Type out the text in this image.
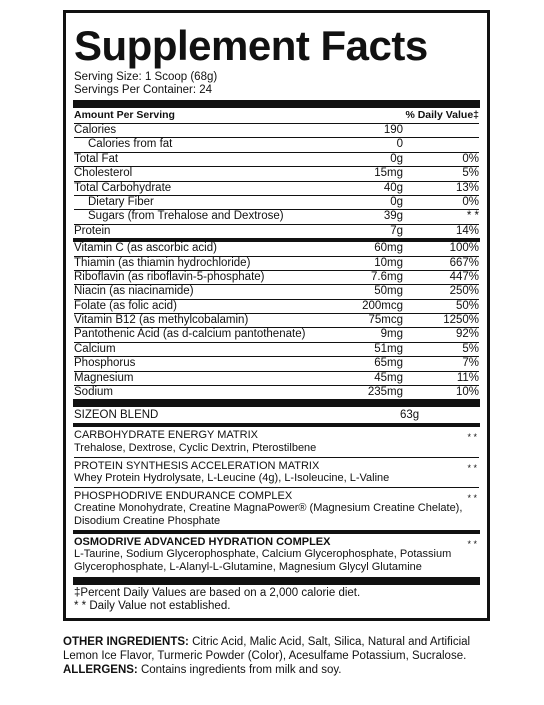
Supplement Facts
Serving Size: 1 Scoop (68g)
Servings Per Container: 24
Amount Per Serving	% Daily Value‡
Calories	190
Calories from fat	0
Total Fat	0g	0%
Cholesterol	15mg	5%
Total Carbohydrate	40g	13%
Dietary Fiber	0g	0%
Sugars (from Trehalose and Dextrose)	39g	* *
Protein	7g	14%
Vitamin C (as ascorbic acid)	60mg	100%
Thiamin (as thiamin hydrochloride)	10mg	667%
Riboflavin (as riboflavin-5-phosphate)	7.6mg	447%
Niacin (as niacinamide)	50mg	250%
Folate (as folic acid)	200mcg	50%
Vitamin B12 (as methylcobalamin)	75mcg	1250%
Pantothenic Acid (as d-calcium pantothenate)	9mg	92%
Calcium	51mg	5%
Phosphorus	65mg	7%
Magnesium	45mg	11%
Sodium	235mg	10%
SIZEON BLEND	63g
CARBOHYDRATE ENERGY MATRIX
Trehalose, Dextrose, Cyclic Dextrin, Pterostilbene
* *
PROTEIN SYNTHESIS ACCELERATION MATRIX
Whey Protein Hydrolysate, L-Leucine (4g), L-Isoleucine, L-Valine
* *
PHOSPHODRIVE ENDURANCE COMPLEX
Creatine Monohydrate, Creatine MagnaPower® (Magnesium Creatine Chelate), Disodium Creatine Phosphate
* *
OSMODRIVE ADVANCED HYDRATION COMPLEX
L-Taurine, Sodium Glycerophosphate, Calcium Glycerophosphate, Potassium Glycerophosphate, L-Alanyl-L-Glutamine, Magnesium Glycyl Glutamine
* *
‡Percent Daily Values are based on a 2,000 calorie diet.
* * Daily Value not established.
OTHER INGREDIENTS: Citric Acid, Malic Acid, Salt, Silica, Natural and Artificial Lemon Ice Flavor, Turmeric Powder (Color), Acesulfame Potassium, Sucralose.
ALLERGENS: Contains ingredients from milk and soy.
